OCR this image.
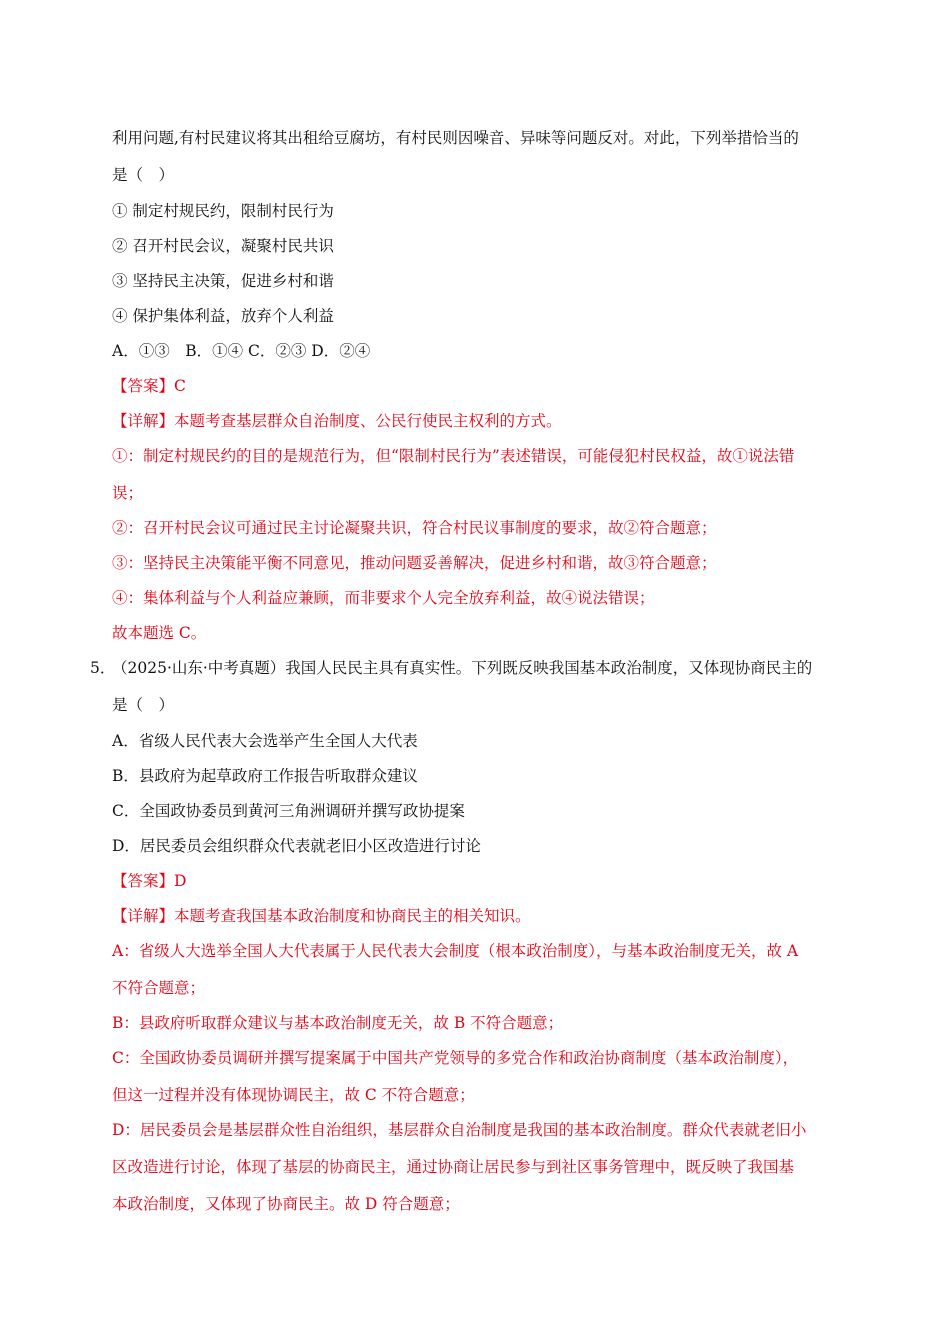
利用问题,有村民建议将其出租给豆腐坊，有村民则因噪音、异味等问题反对。对此，下列举措恰当的
是（　）
① 制定村规民约，限制村民行为
② 召开村民会议，凝聚村民共识
③ 坚持民主决策，促进乡村和谐
④ 保护集体利益，放弃个人利益
A．①③　B．①④ C．②③ D．②④
【答案】C
【详解】本题考查基层群众自治制度、公民行使民主权利的方式。
①：制定村规民约的目的是规范行为，但“限制村民行为”表述错误，可能侵犯村民权益，故①说法错
误；
②：召开村民会议可通过民主讨论凝聚共识，符合村民议事制度的要求，故②符合题意；
③：坚持民主决策能平衡不同意见，推动问题妥善解决，促进乡村和谐，故③符合题意；
④：集体利益与个人利益应兼顾，而非要求个人完全放弃利益，故④说法错误；
故本题选 C。
5．
（2025·山东·中考真题）我国人民民主具有真实性。下列既反映我国基本政治制度，又体现协商民主的
是（　）
A．省级人民代表大会选举产生全国人大代表
B．县政府为起草政府工作报告听取群众建议
C．全国政协委员到黄河三角洲调研并撰写政协提案
D．居民委员会组织群众代表就老旧小区改造进行讨论
【答案】D
【详解】本题考查我国基本政治制度和协商民主的相关知识。
A：省级人大选举全国人大代表属于人民代表大会制度（根本政治制度），与基本政治制度无关，故 A
不符合题意；
B：县政府听取群众建议与基本政治制度无关，故 B 不符合题意；
C：全国政协委员调研并撰写提案属于中国共产党领导的多党合作和政治协商制度（基本政治制度），
但这一过程并没有体现协调民主，故 C 不符合题意；
D：居民委员会是基层群众性自治组织，基层群众自治制度是我国的基本政治制度。群众代表就老旧小
区改造进行讨论，体现了基层的协商民主，通过协商让居民参与到社区事务管理中，既反映了我国基
本政治制度，又体现了协商民主。故 D 符合题意；
